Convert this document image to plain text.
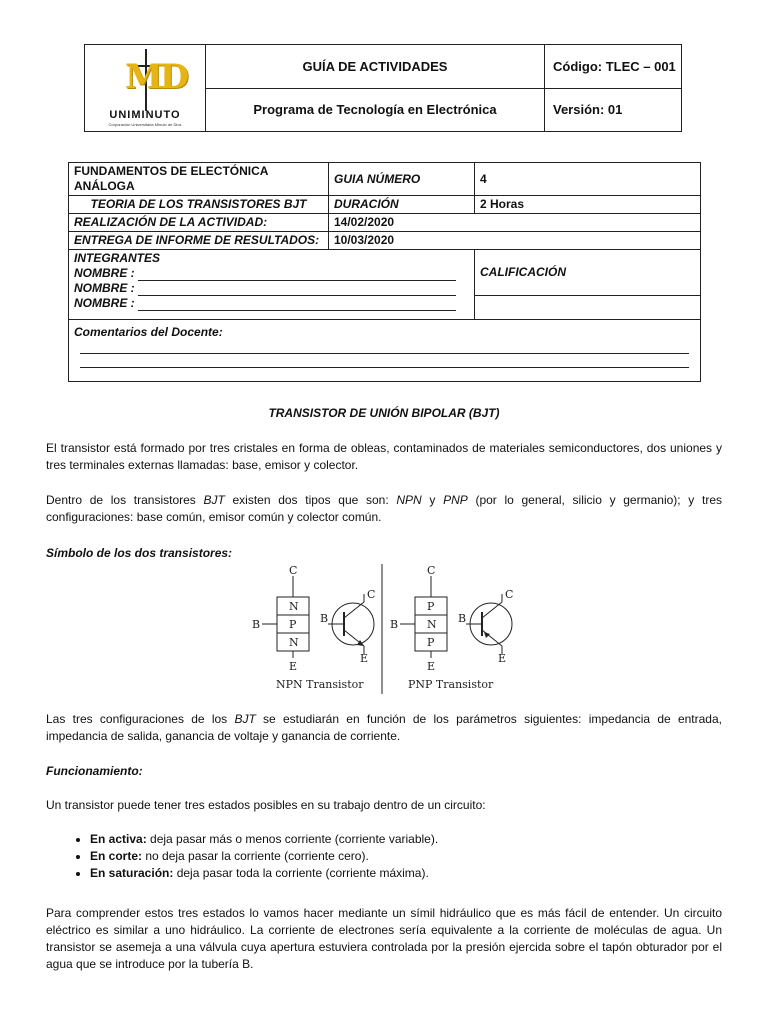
MD
UNIMINUTO
Corporación Universitaria Minuto de Dios	GUÍA DE ACTIVIDADES	Código: TLEC – 001
	Programa de Tecnología en Electrónica	Versión: 01
FUNDAMENTOS DE ELECTÓNICA ANÁLOGA	GUIA NÚMERO	4
TEORIA DE LOS TRANSISTORES BJT	DURACIÓN	2 Horas
REALIZACIÓN DE LA ACTIVIDAD:	14/02/2020	
ENTREGA DE INFORME DE RESULTADOS:	10/03/2020	

INTEGRANTES
NOMBRE :
NOMBRE :
NOMBRE :		CALIFICACIÓN

Comentarios del Docente:		
TRANSISTOR DE UNIÓN BIPOLAR (BJT)

El transistor está formado por tres cristales en forma de obleas, contaminados de materiales semiconductores, dos uniones y tres terminales externas llamadas: base, emisor y colector.

Dentro de los transistores BJT existen dos tipos que son: NPN y PNP (por lo general, silicio y germanio); y tres configuraciones: base común, emisor común y colector común.

Símbolo de los dos transistores:

C
B
E
N
P
N
C
B
E
NPN Transistor
C
B
E
P
N
P
C
B
E
PNP Transistor

Las tres configuraciones de los BJT se estudiarán en función de los parámetros siguientes: impedancia de entrada, impedancia de salida, ganancia de voltaje y ganancia de corriente.

Funcionamiento:

Un transistor puede tener tres estados posibles en su trabajo dentro de un circuito:

• En activa: deja pasar más o menos corriente (corriente variable).
• En corte: no deja pasar la corriente (corriente cero).
• En saturación: deja pasar toda la corriente (corriente máxima).

Para comprender estos tres estados lo vamos hacer mediante un símil hidráulico que es más fácil de entender. Un circuito eléctrico es similar a uno hidráulico. La corriente de electrones sería equivalente a la corriente de moléculas de agua. Un transistor se asemeja a una válvula cuya apertura estuviera controlada por la presión ejercida sobre el tapón obturador por el agua que se introduce por la tubería B.
